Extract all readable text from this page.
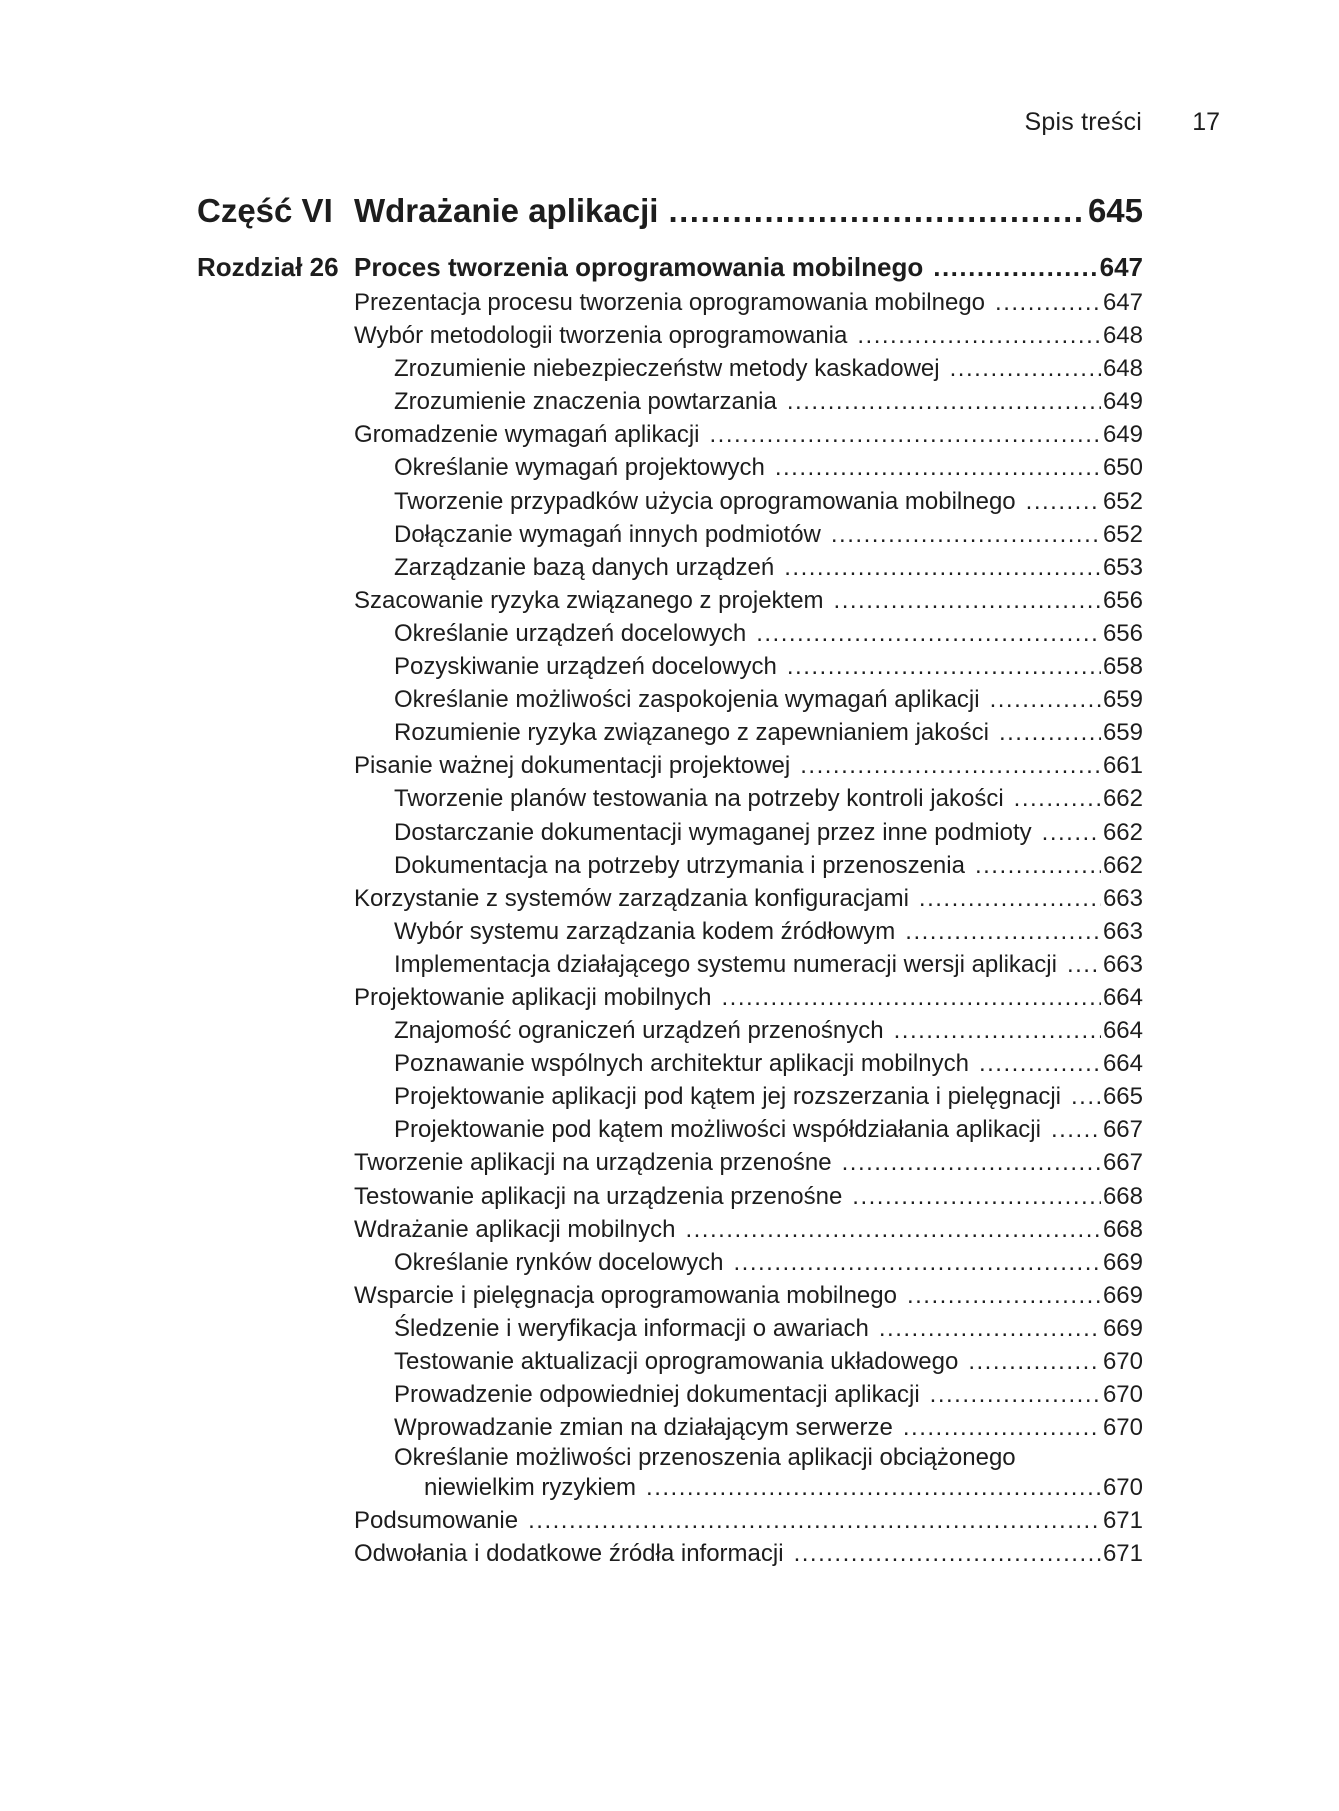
Spis treści 17
Część VI Wdrażanie aplikacji .....	645
Rozdział 26 Proces tworzenia oprogramowania mobilnego .....	647
Prezentacja procesu tworzenia oprogramowania mobilnego .....	647
Wybór metodologii tworzenia oprogramowania .....	648
Zrozumienie niebezpieczeństw metody kaskadowej .....	648
Zrozumienie znaczenia powtarzania .....	649
Gromadzenie wymagań aplikacji .....	649
Określanie wymagań projektowych .....	650
Tworzenie przypadków użycia oprogramowania mobilnego .....	652
Dołączanie wymagań innych podmiotów .....	652
Zarządzanie bazą danych urządzeń .....	653
Szacowanie ryzyka związanego z projektem .....	656
Określanie urządzeń docelowych .....	656
Pozyskiwanie urządzeń docelowych .....	658
Określanie możliwości zaspokojenia wymagań aplikacji .....	659
Rozumienie ryzyka związanego z zapewnianiem jakości .....	659
Pisanie ważnej dokumentacji projektowej .....	661
Tworzenie planów testowania na potrzeby kontroli jakości .....	662
Dostarczanie dokumentacji wymaganej przez inne podmioty .....	662
Dokumentacja na potrzeby utrzymania i przenoszenia .....	662
Korzystanie z systemów zarządzania konfiguracjami .....	663
Wybór systemu zarządzania kodem źródłowym .....	663
Implementacja działającego systemu numeracji wersji aplikacji ..... 663
Projektowanie aplikacji mobilnych .....	664
Znajomość ograniczeń urządzeń przenośnych .....	664
Poznawanie wspólnych architektur aplikacji mobilnych .....	664
Projektowanie aplikacji pod kątem jej rozszerzania i pielęgnacji ..... 665
Projektowanie pod kątem możliwości współdziałania aplikacji .....	667
Tworzenie aplikacji na urządzenia przenośne .....	667
Testowanie aplikacji na urządzenia przenośne .....	668
Wdrażanie aplikacji mobilnych .....	668
Określanie rynków docelowych .....	669
Wsparcie i pielęgnacja oprogramowania mobilnego .....	669
Śledzenie i weryfikacja informacji o awariach .....	669
Testowanie aktualizacji oprogramowania układowego .....	670
Prowadzenie odpowiedniej dokumentacji aplikacji .....	670
Wprowadzanie zmian na działającym serwerze .....	670
Określanie możliwości przenoszenia aplikacji obciążonego
niewielkim ryzykiem .....	670
Podsumowanie .....	671
Odwołania i dodatkowe źródła informacji .....	671
